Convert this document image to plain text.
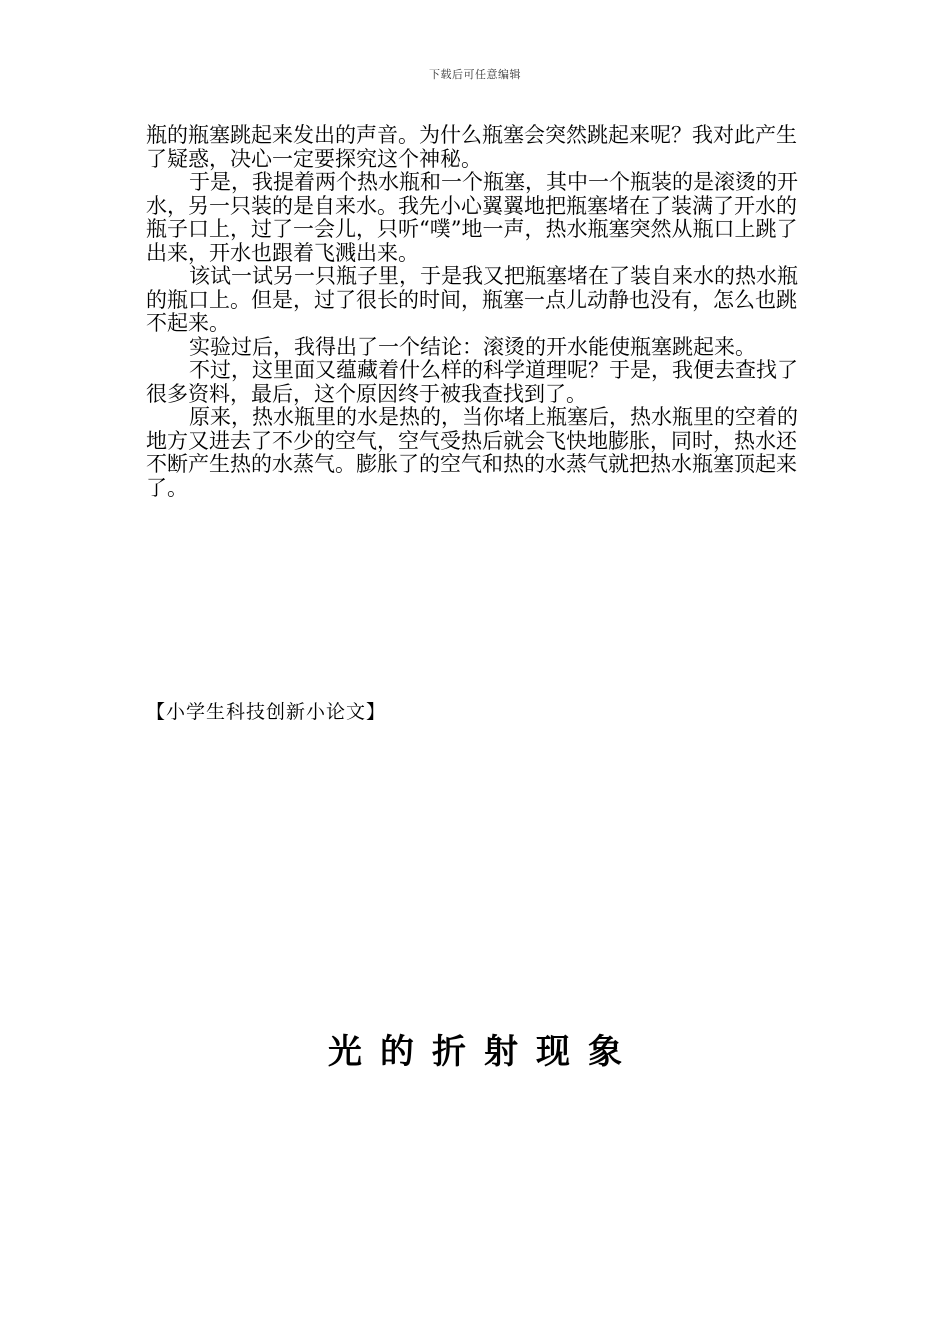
下载后可任意编辑

瓶的瓶塞跳起来发出的声音。为什么瓶塞会突然跳起来呢？我对此产生了疑惑，决心一定要探究这个神秘。

于是，我提着两个热水瓶和一个瓶塞，其中一个瓶装的是滚烫的开水，另一只装的是自来水。我先小心翼翼地把瓶塞堵在了装满了开水的瓶子口上，过了一会儿，只听“噗”地一声，热水瓶塞突然从瓶口上跳了出来，开水也跟着飞溅出来。

该试一试另一只瓶子里，于是我又把瓶塞堵在了装自来水的热水瓶的瓶口上。但是，过了很长的时间，瓶塞一点儿动静也没有，怎么也跳不起来。

实验过后，我得出了一个结论：滚烫的开水能使瓶塞跳起来。

不过，这里面又蕴藏着什么样的科学道理呢？于是，我便去查找了很多资料，最后，这个原因终于被我查找到了。

原来，热水瓶里的水是热的，当你堵上瓶塞后，热水瓶里的空着的地方又进去了不少的空气，空气受热后就会飞快地膨胀，同时，热水还不断产生热的水蒸气。膨胀了的空气和热的水蒸气就把热水瓶塞顶起来了。

【小学生科技创新小论文】
光的折射现象
